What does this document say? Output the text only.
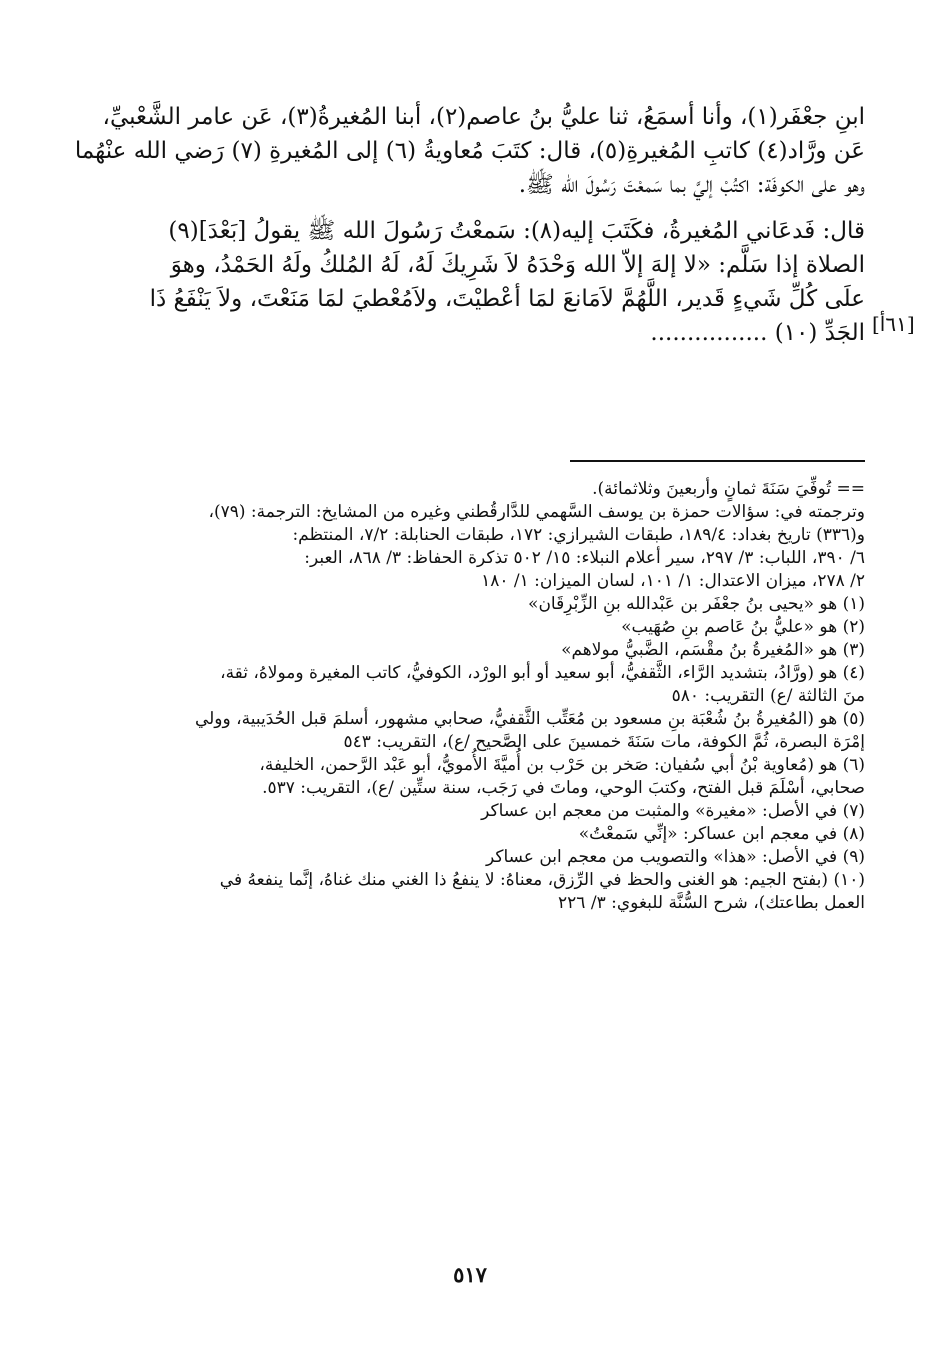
ابنِ جعْفَر(١)، وأنا أسمَعُ، ثنا عليُّ بنُ عاصم(٢)، أبنا المُغيرةُ(٣)، عَن عامر الشَّعْبيِّ،
عَن ورَّاد(٤) كاتبِ المُغيرةِ(٥)، قال: كتَبَ مُعاويةُ (٦) إلى المُغيرةِ (٧) رَضي الله عنْهُما
وهو على الكوفَة: اكتُبْ إليَّ بما سَمعْتَ رَسُولَ الله ﷺ.

قال: فَدعَاني المُغيرةُ، فكَتَبَ إليه(٨): سَمعْتُ رَسُولَ الله ﷺ يقولُ [بَعْدَ](٩)
الصلاة إذا سَلَّم: «لا إلهَ إلاّ الله وَحْدَهُ لاَ شَرِيكَ لَهُ، لَهُ المُلكُ ولَهُ الحَمْدُ، وهوَ
علَى كُلِّ شَيءٍ قَدير، اللَّهُمَّ لاَمَانعَ لمَا أعْطيْتَ، ولاَمُعْطيَ لمَا مَنَعْتَ، ولاَ يَنْفَعُ ذَا
الجَدِّ (١٠) ................ [٦١أ]
== تُوفِّيَ سَنَةَ ثمانٍ وأربعينَ وثلاثمائة).
وترجمته في: سؤالات حمزة بن يوسف السَّهمي للدَّارقُطني وغيره من المشايخ: الترجمة: (٧٩)،
و(٣٣٦) تاريخ بغداد: ١٨٩/٤، طبقات الشيرازي: ١٧٢، طبقات الحنابلة: ٧/٢، المنتظم:
٦/ ٣٩٠، اللباب: ٣/ ٢٩٧، سير أعلام النبلاء: ١٥/ ٥٠٢ تذكرة الحفاظ: ٣/ ٨٦٨، العبر:
٢/ ٢٧٨، ميزان الاعتدال: ١/ ١٠١، لسان الميزان: ١/ ١٨٠
(١) هو «يحيى بنُ جعْفَر بن عَبْدالله بنِ الزِّبْرِقَان»
(٢) هو «عليُّ بنُ عَاصم بنِ صُهَيب»
(٣) هو «المُغيرةُ بنُ مقْسَم، الضَّبيُّ مولاهم»
(٤) هو (ورَّادُ، بتشديد الرَّاء، الثَّقفيُّ، أبو سعيد أو أبو الورْد، الكوفيُّ، كاتب المغيرة ومولاهُ، ثقة،
منَ الثالثة /ع) التقريب: ٥٨٠
(٥) هو (المُغيرةُ بنُ شُعْبَة بنِ مسعود بن مُعَتِّب الثَّقفيُّ، صحابي مشهور، أسلمَ قبل الحُدَيبية، وولي
إمْرَة البصرة، ثُمَّ الكوفة، مات سَنَةَ خمسينَ على الصَّحيح /ع)، التقريب: ٥٤٣
(٦) هو (مُعاوية بْنُ أبي سُفيان: صَخر بن حَرْب بن أُميَّةَ الأُمويُّ، أبو عَبْد الرَّحمن، الخليفة،
صحابي، أسْلَمَ قبل الفتح، وكتبَ الوحي، وماتَ في رَجَب، سنة ستِّين /ع)، التقريب: ٥٣٧.
(٧) في الأصل: «مغيرة» والمثبت من معجم ابن عساكر
(٨) في معجم ابن عساكر: «إنِّي سَمعْتُ»
(٩) في الأصل: «هذا» والتصويب من معجم ابن عساكر
(١٠) (بفتح الجيم: هو الغنى والحظ في الرِّزق، معناهُ: لا ينفعُ ذا الغني منك غناهُ، إنَّما ينفعهُ في
العمل بطاعتك)، شرح السُّنَّة للبغوي: ٣/ ٢٢٦
٥١٧
